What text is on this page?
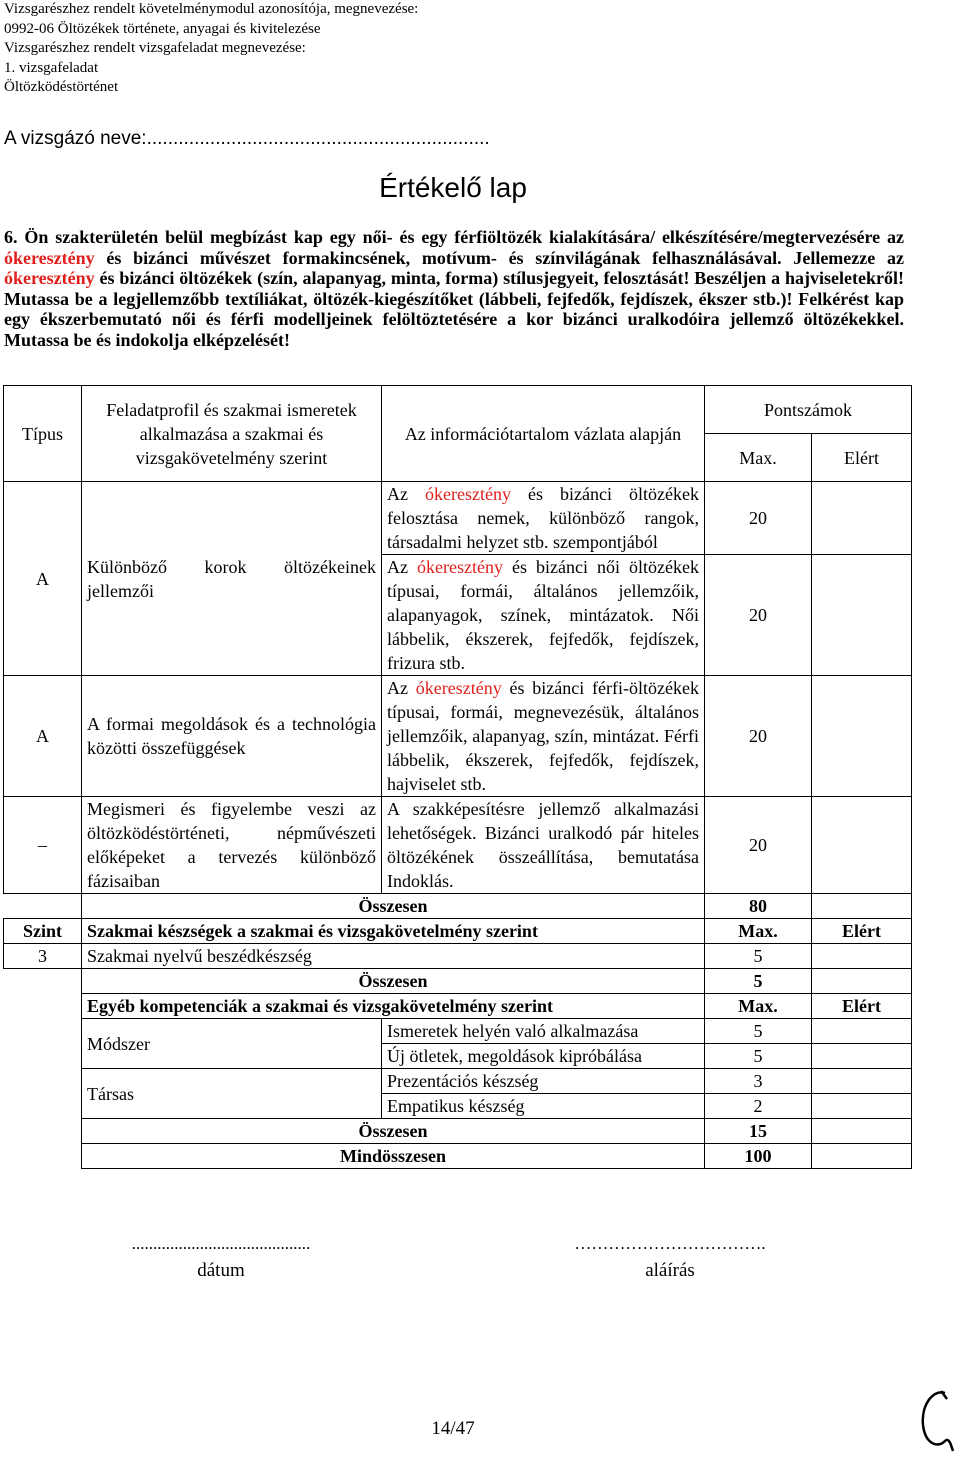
Vizsgarészhez rendelt követelménymodul azonosítója, megnevezése:
0992-06 Öltözékek története, anyagai és kivitelezése
Vizsgarészhez rendelt vizsgafeladat megnevezése:
1. vizsgafeladat
Öltözködéstörténet
A vizsgázó neve:.................................................................
Értékelő lap
6. Ön szakterületén belül megbízást kap egy női- és egy férfiöltözék kialakítására/ elkészítésére/megtervezésére az ókeresztény és bizánci művészet formakincsének, motívum- és színvilágának felhasználásával. Jellemezze az ókeresztény és bizánci öltözékek (szín, alapanyag, minta, forma) stílusjegyeit, felosztását! Beszéljen a hajviseletekről! Mutassa be a legjellemzőbb textíliákat, öltözék-kiegészítőket (lábbeli, fejfedők, fejdíszek, ékszer stb.)! Felkérést kap egy ékszerbemutató női és férfi modelljeinek felöltöztetésére a kor bizánci uralkodóira jellemző öltözékekkel. Mutassa be és indokolja elképzelését!
Típus	Feladatprofil és szakmai ismeretek alkalmazása a szakmai és vizsgakövetelmény szerint	Az információtartalom vázlata alapján	Pontszámok	
			Max.	Elért
A	Különböző korok öltözékeinek jellemzői	Az ókeresztény és bizánci öltözékek felosztása nemek, különböző rangok, társadalmi helyzet stb. szempontjából	20	
		Az ókeresztény és bizánci női öltözékek típusai, formái, általános jellemzőik, alapanyagok, színek, mintázatok. Női lábbelik, ékszerek, fejfedők, fejdíszek, frizura stb.	20	
A	A formai megoldások és a technológia közötti összefüggések	Az ókeresztény és bizánci férfi-öltözékek típusai, formái, megnevezésük, általános jellemzőik, alapanyag, szín, mintázat. Férfi lábbelik, ékszerek, fejfedők, fejdíszek, hajviselet stb.	20	
–	Megismeri és figyelembe veszi az öltözködéstörténeti, népművészeti előképeket a tervezés különböző fázisaiban	A szakképesítésre jellemző alkalmazási lehetőségek. Bizánci uralkodó pár hiteles öltözékének összeállítása, bemutatása Indoklás.	20	
	Összesen		80	
Szint	Szakmai készségek a szakmai és vizsgakövetelmény szerint		Max.	Elért
3	Szakmai nyelvű beszédkészség		5	
	Összesen		5	
	Egyéb kompetenciák a szakmai és vizsgakövetelmény szerint		Max.	Elért
	Módszer	Ismeretek helyén való alkalmazása	5	
		Új ötletek, megoldások kipróbálása	5	
	Társas	Prezentációs készség	3	
		Empatikus készség	2	
	Összesen		15	
	Mindösszesen		100	
..........................................
dátum
…………………………….
aláírás
14/47
